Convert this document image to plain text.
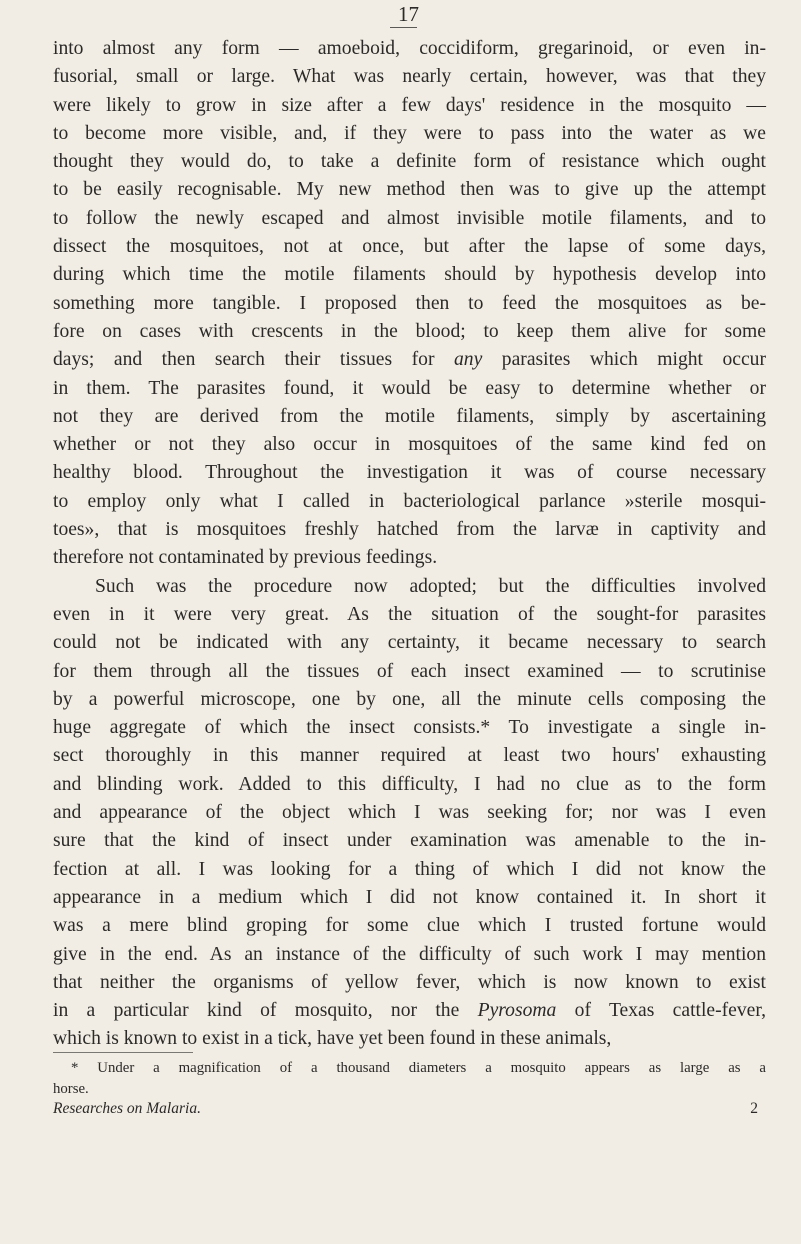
17
into almost any form — amoeboid, coccidiform, gregarinoid, or even in-
fusorial, small or large. What was nearly certain, however, was that they
were likely to grow in size after a few days' residence in the mosquito —
to become more visible, and, if they were to pass into the water as we
thought they would do, to take a definite form of resistance which ought
to be easily recognisable. My new method then was to give up the attempt
to follow the newly escaped and almost invisible motile filaments, and to
dissect the mosquitoes, not at once, but after the lapse of some days,
during which time the motile filaments should by hypothesis develop into
something more tangible. I proposed then to feed the mosquitoes as be-
fore on cases with crescents in the blood; to keep them alive for some
days; and then search their tissues for any parasites which might occur
in them. The parasites found, it would be easy to determine whether or
not they are derived from the motile filaments, simply by ascertaining
whether or not they also occur in mosquitoes of the same kind fed on
healthy blood. Throughout the investigation it was of course necessary
to employ only what I called in bacteriological parlance »sterile mosqui-
toes», that is mosquitoes freshly hatched from the larvæ in captivity and
therefore not contaminated by previous feedings.
Such was the procedure now adopted; but the difficulties involved
even in it were very great. As the situation of the sought-for parasites
could not be indicated with any certainty, it became necessary to search
for them through all the tissues of each insect examined — to scrutinise
by a powerful microscope, one by one, all the minute cells composing the
huge aggregate of which the insect consists.* To investigate a single in-
sect thoroughly in this manner required at least two hours' exhausting
and blinding work. Added to this difficulty, I had no clue as to the form
and appearance of the object which I was seeking for; nor was I even
sure that the kind of insect under examination was amenable to the in-
fection at all. I was looking for a thing of which I did not know the
appearance in a medium which I did not know contained it. In short it
was a mere blind groping for some clue which I trusted fortune would
give in the end. As an instance of the difficulty of such work I may mention
that neither the organisms of yellow fever, which is now known to exist
in a particular kind of mosquito, nor the Pyrosoma of Texas cattle-fever,
which is known to exist in a tick, have yet been found in these animals,
* Under a magnification of a thousand diameters a mosquito appears as large as a
horse.
Researches on Malaria.	2
